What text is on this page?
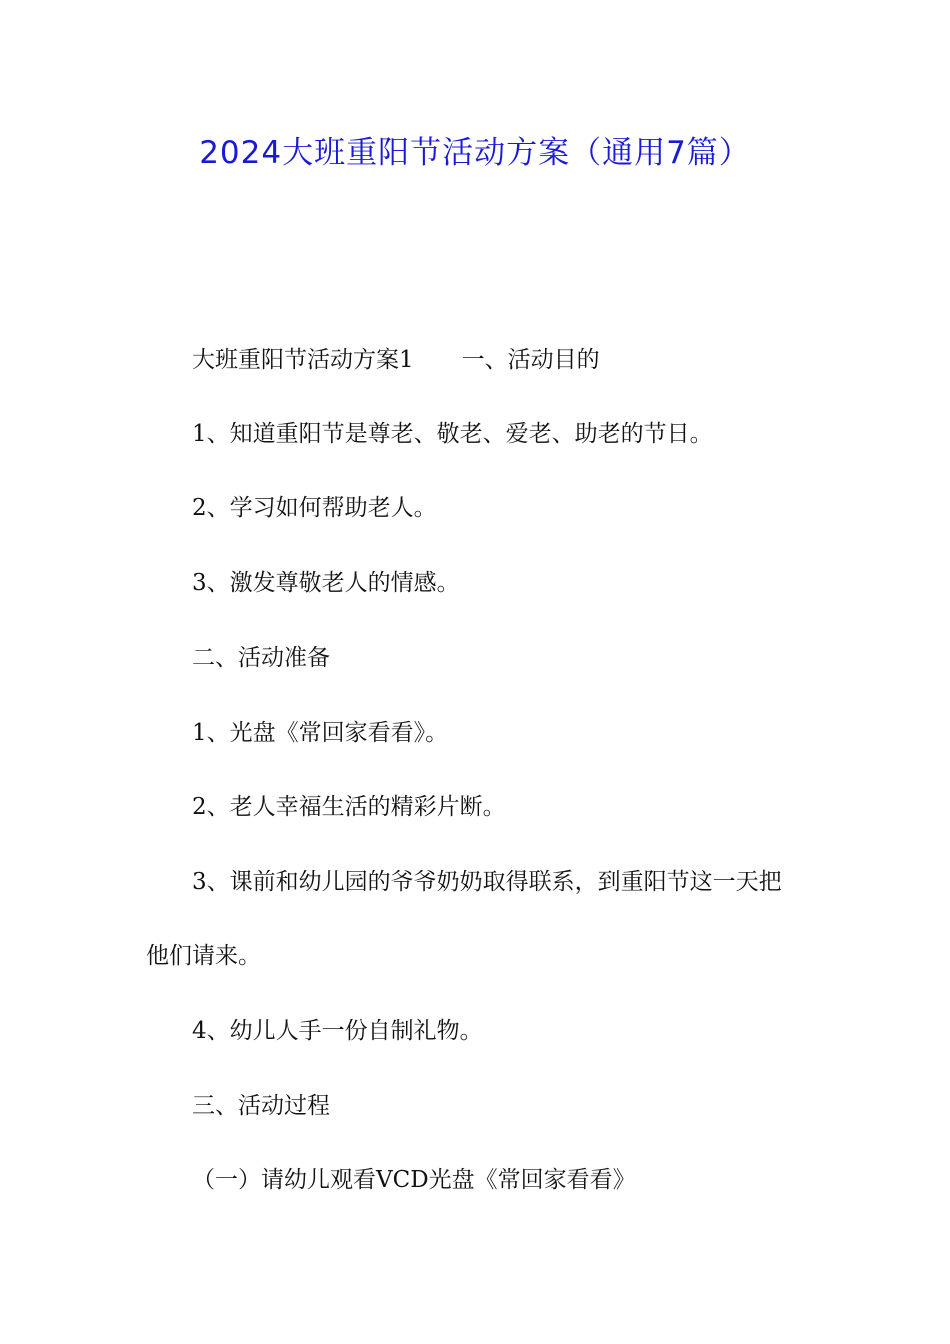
2024大班重阳节活动方案（通用7篇）
大班重阳节活动方案1 一、活动目的
1、知道重阳节是尊老、敬老、爱老、助老的节日。
2、学习如何帮助老人。
3、激发尊敬老人的情感。
二、活动准备
1、光盘《常回家看看》。
2、老人幸福生活的精彩片断。
3、课前和幼儿园的爷爷奶奶取得联系，到重阳节这一天把
他们请来。
4、幼儿人手一份自制礼物。
三、活动过程
（一）请幼儿观看VCD光盘《常回家看看》
